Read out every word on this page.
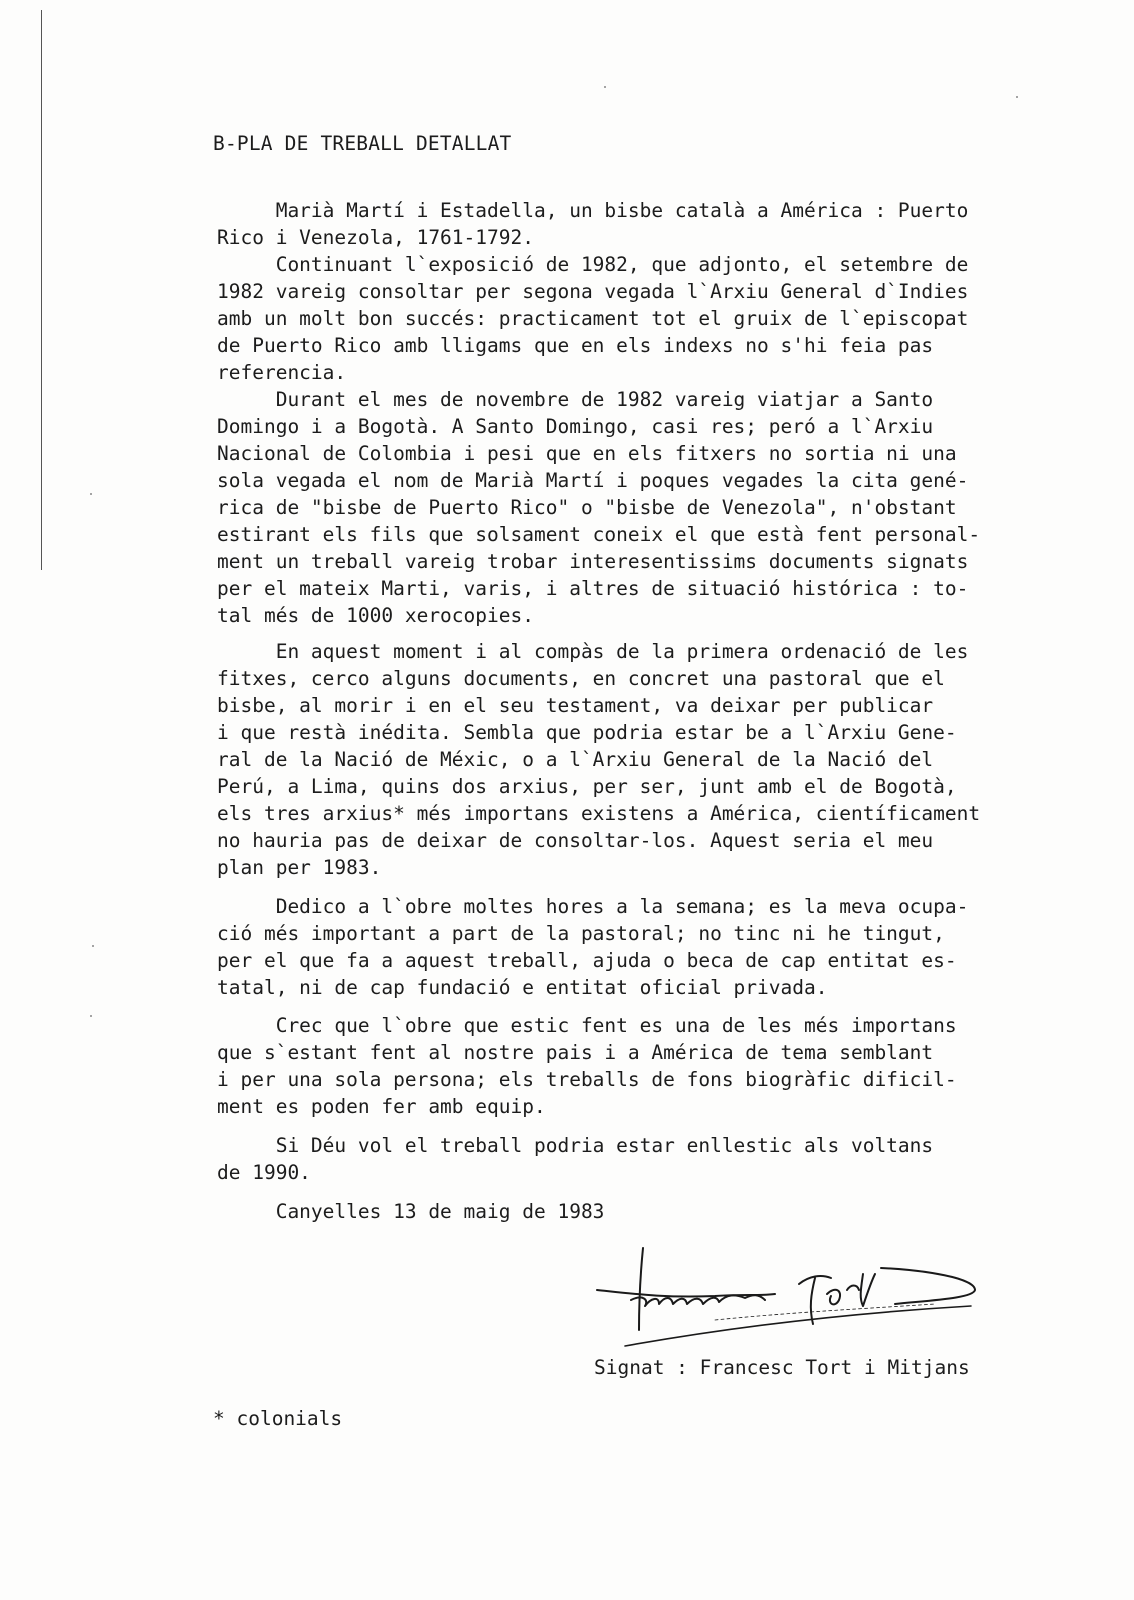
B-PLA DE TREBALL DETALLAT
Marià Martí i Estadella, un bisbe català a América : Puerto
Rico i Venezola, 1761-1792.
Continuant l`exposició de 1982, que adjonto, el setembre de
1982 vareig consoltar per segona vegada l`Arxiu General d`Indies
amb un molt bon succés: practicament tot el gruix de l`episcopat
de Puerto Rico amb lligams que en els indexs no s'hi feia pas
referencia.
Durant el mes de novembre de 1982 vareig viatjar a Santo
Domingo i a Bogotà. A Santo Domingo, casi res; peró a l`Arxiu
Nacional de Colombia i pesi que en els fitxers no sortia ni una
sola vegada el nom de Marià Martí i poques vegades la cita gené-
rica de "bisbe de Puerto Rico" o "bisbe de Venezola", n'obstant
estirant els fils que solsament coneix el que està fent personal-
ment un treball vareig trobar interesentissims documents signats
per el mateix Marti, varis, i altres de situació histórica : to-
tal més de 1000 xerocopies.
En aquest moment i al compàs de la primera ordenació de les
fitxes, cerco alguns documents, en concret una pastoral que el
bisbe, al morir i en el seu testament, va deixar per publicar
i que restà inédita. Sembla que podria estar be a l`Arxiu Gene-
ral de la Nació de Méxic, o a l`Arxiu General de la Nació del
Perú, a Lima, quins dos arxius, per ser, junt amb el de Bogotà,
els tres arxius* més importans existens a América, científicament
no hauria pas de deixar de consoltar-los. Aquest seria el meu
plan per 1983.
Dedico a l`obre moltes hores a la semana; es la meva ocupa-
ció més important a part de la pastoral; no tinc ni he tingut,
per el que fa a aquest treball, ajuda o beca de cap entitat es-
tatal, ni de cap fundació e entitat oficial privada.
Crec que l`obre que estic fent es una de les més importans
que s`estant fent al nostre pais i a América de tema semblant
i per una sola persona; els treballs de fons biogràfic dificil-
ment es poden fer amb equip.
Si Déu vol el treball podria estar enllestic als voltans
de 1990.
Canyelles 13 de maig de 1983
Signat : Francesc Tort i Mitjans
* colonials
